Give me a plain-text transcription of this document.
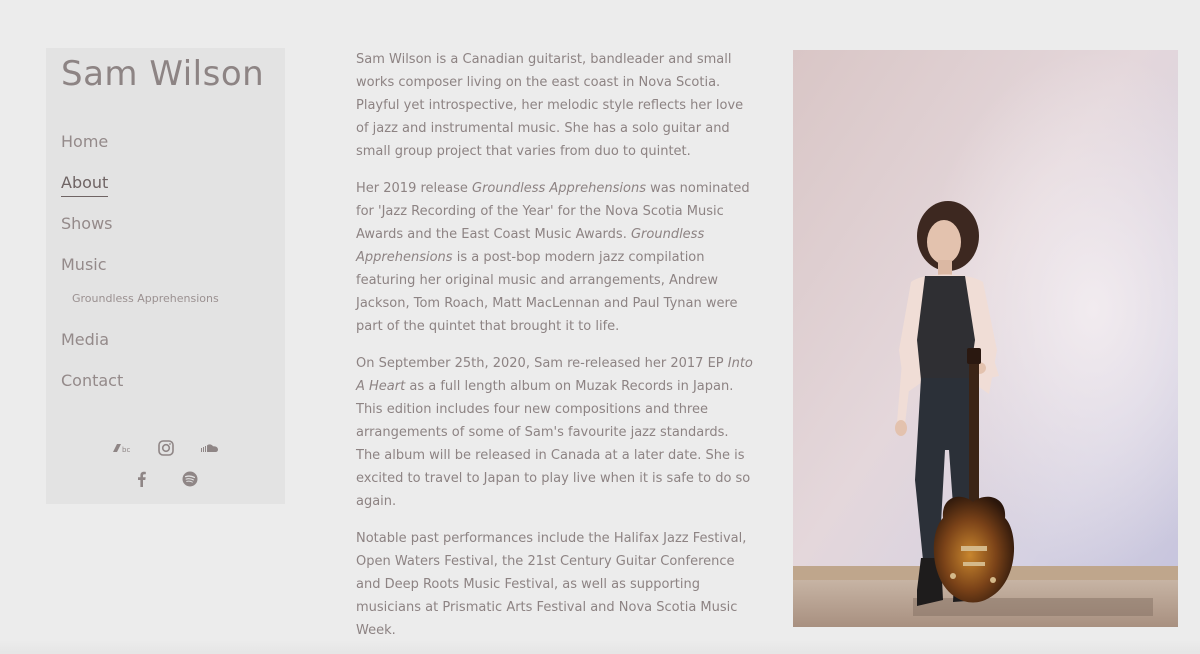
Sam Wilson
Home
About
Shows
Music
Groundless Apprehensions
Media
Contact
bc

Sam Wilson is a Canadian guitarist, bandleader and small works composer living on the east coast in Nova Scotia. Playful yet introspective, her melodic style reflects her love of jazz and instrumental music. She has a solo guitar and small group project that varies from duo to quintet.

Her 2019 release Groundless Apprehensions was nominated for 'Jazz Recording of the Year' for the Nova Scotia Music Awards and the East Coast Music Awards. Groundless Apprehensions is a post-bop modern jazz compilation featuring her original music and arrangements, Andrew Jackson, Tom Roach, Matt MacLennan and Paul Tynan were part of the quintet that brought it to life.

On September 25th, 2020, Sam re-released her 2017 EP Into A Heart as a full length album on Muzak Records in Japan. This edition includes four new compositions and three arrangements of some of Sam's favourite jazz standards. The album will be released in Canada at a later date. She is excited to travel to Japan to play live when it is safe to do so again.

Notable past performances include the Halifax Jazz Festival, Open Waters Festival, the 21st Century Guitar Conference and Deep Roots Music Festival, as well as supporting musicians at Prismatic Arts Festival and Nova Scotia Music Week.
